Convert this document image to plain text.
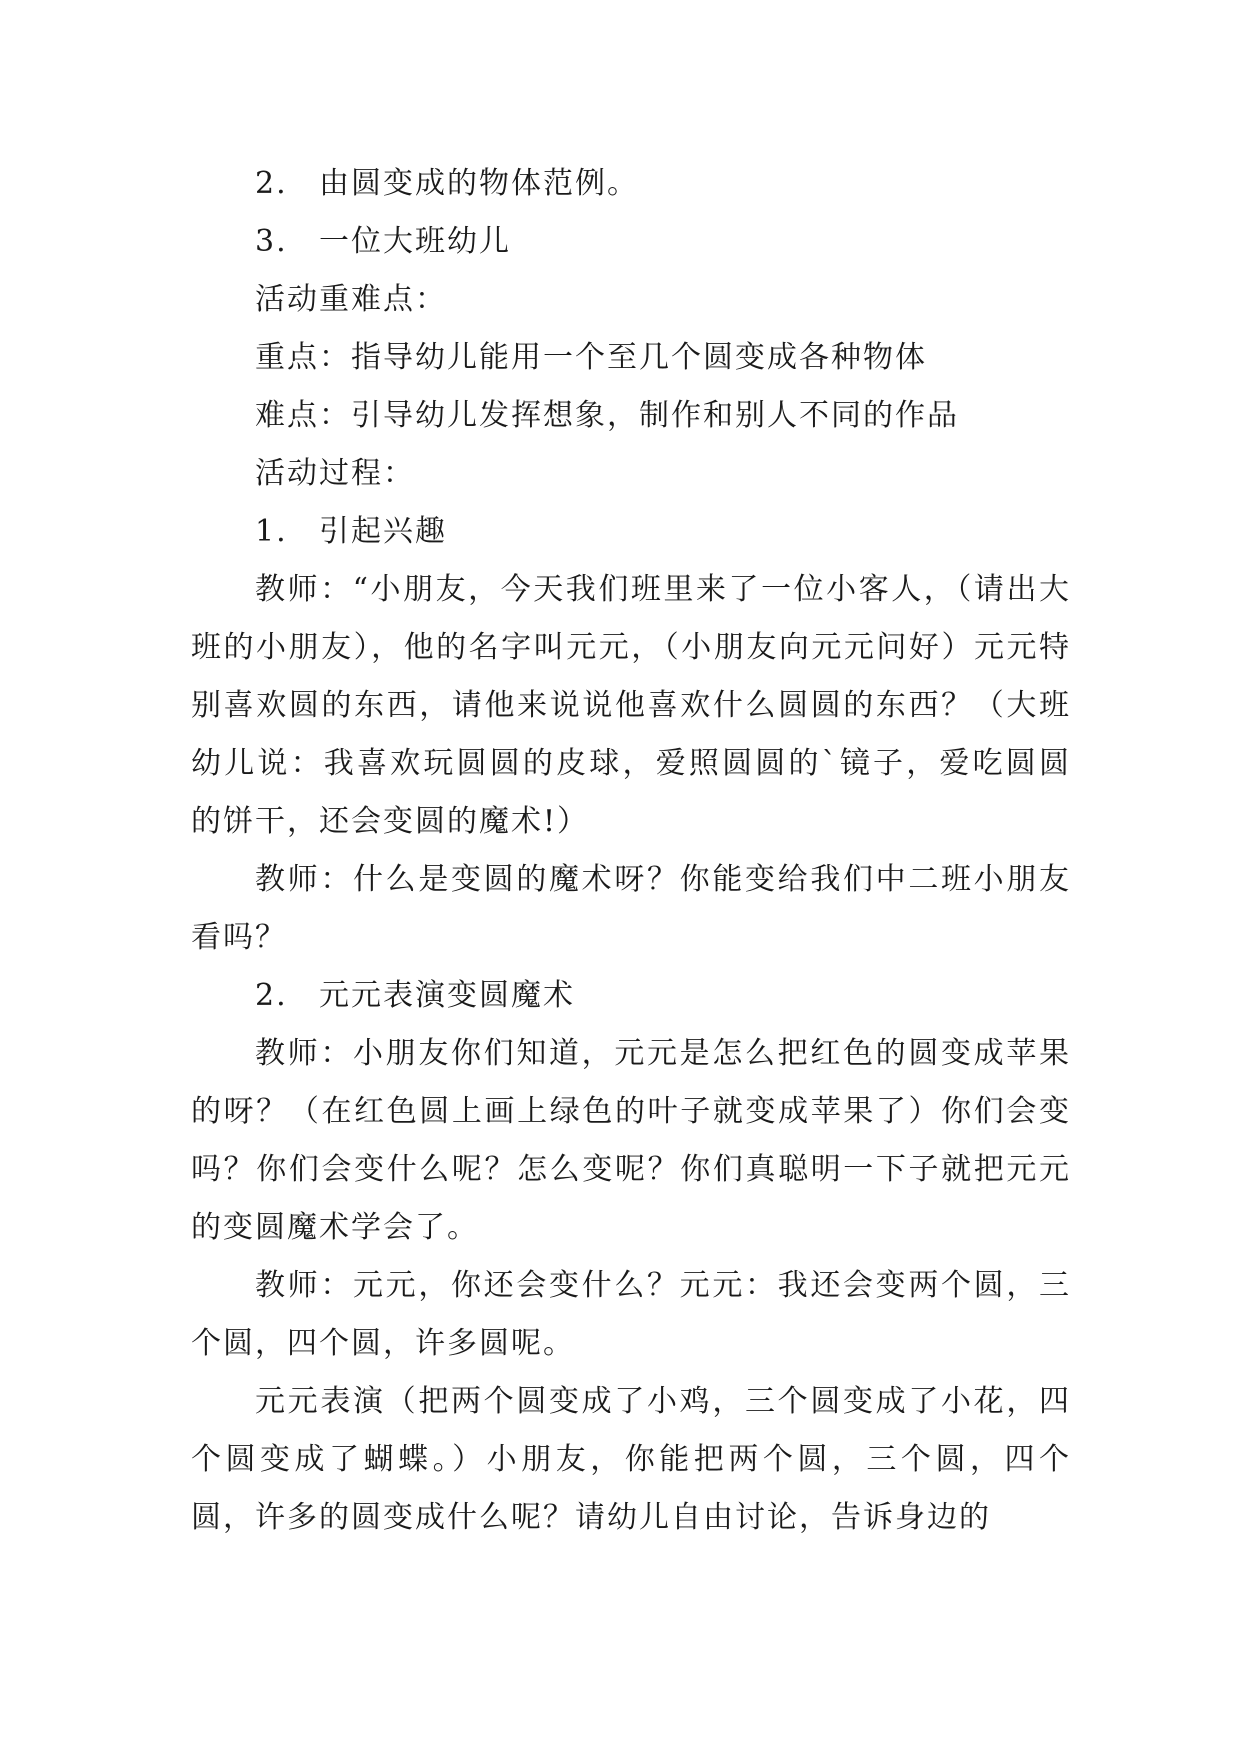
2. 由圆变成的物体范例。

3. 一位大班幼儿

活动重难点：

重点：指导幼儿能用一个至几个圆变成各种物体

难点：引导幼儿发挥想象，制作和别人不同的作品

活动过程：

1. 引起兴趣

教师：“小朋友，今天我们班里来了一位小客人，（请出大班的小朋友），他的名字叫元元，（小朋友向元元问好）元元特别喜欢圆的东西，请他来说说他喜欢什么圆圆的东西？（大班幼儿说：我喜欢玩圆圆的皮球，爱照圆圆的`镜子，爱吃圆圆的饼干，还会变圆的魔术!）

教师：什么是变圆的魔术呀？你能变给我们中二班小朋友看吗？

2. 元元表演变圆魔术

教师：小朋友你们知道，元元是怎么把红色的圆变成苹果的呀？（在红色圆上画上绿色的叶子就变成苹果了）你们会变吗？你们会变什么呢？怎么变呢？你们真聪明一下子就把元元的变圆魔术学会了。

教师：元元，你还会变什么？元元：我还会变两个圆，三个圆，四个圆，许多圆呢。

元元表演（把两个圆变成了小鸡，三个圆变成了小花，四个圆变成了蝴蝶。）小朋友，你能把两个圆，三个圆，四个圆，许多的圆变成什么呢？请幼儿自由讨论，告诉身边的
